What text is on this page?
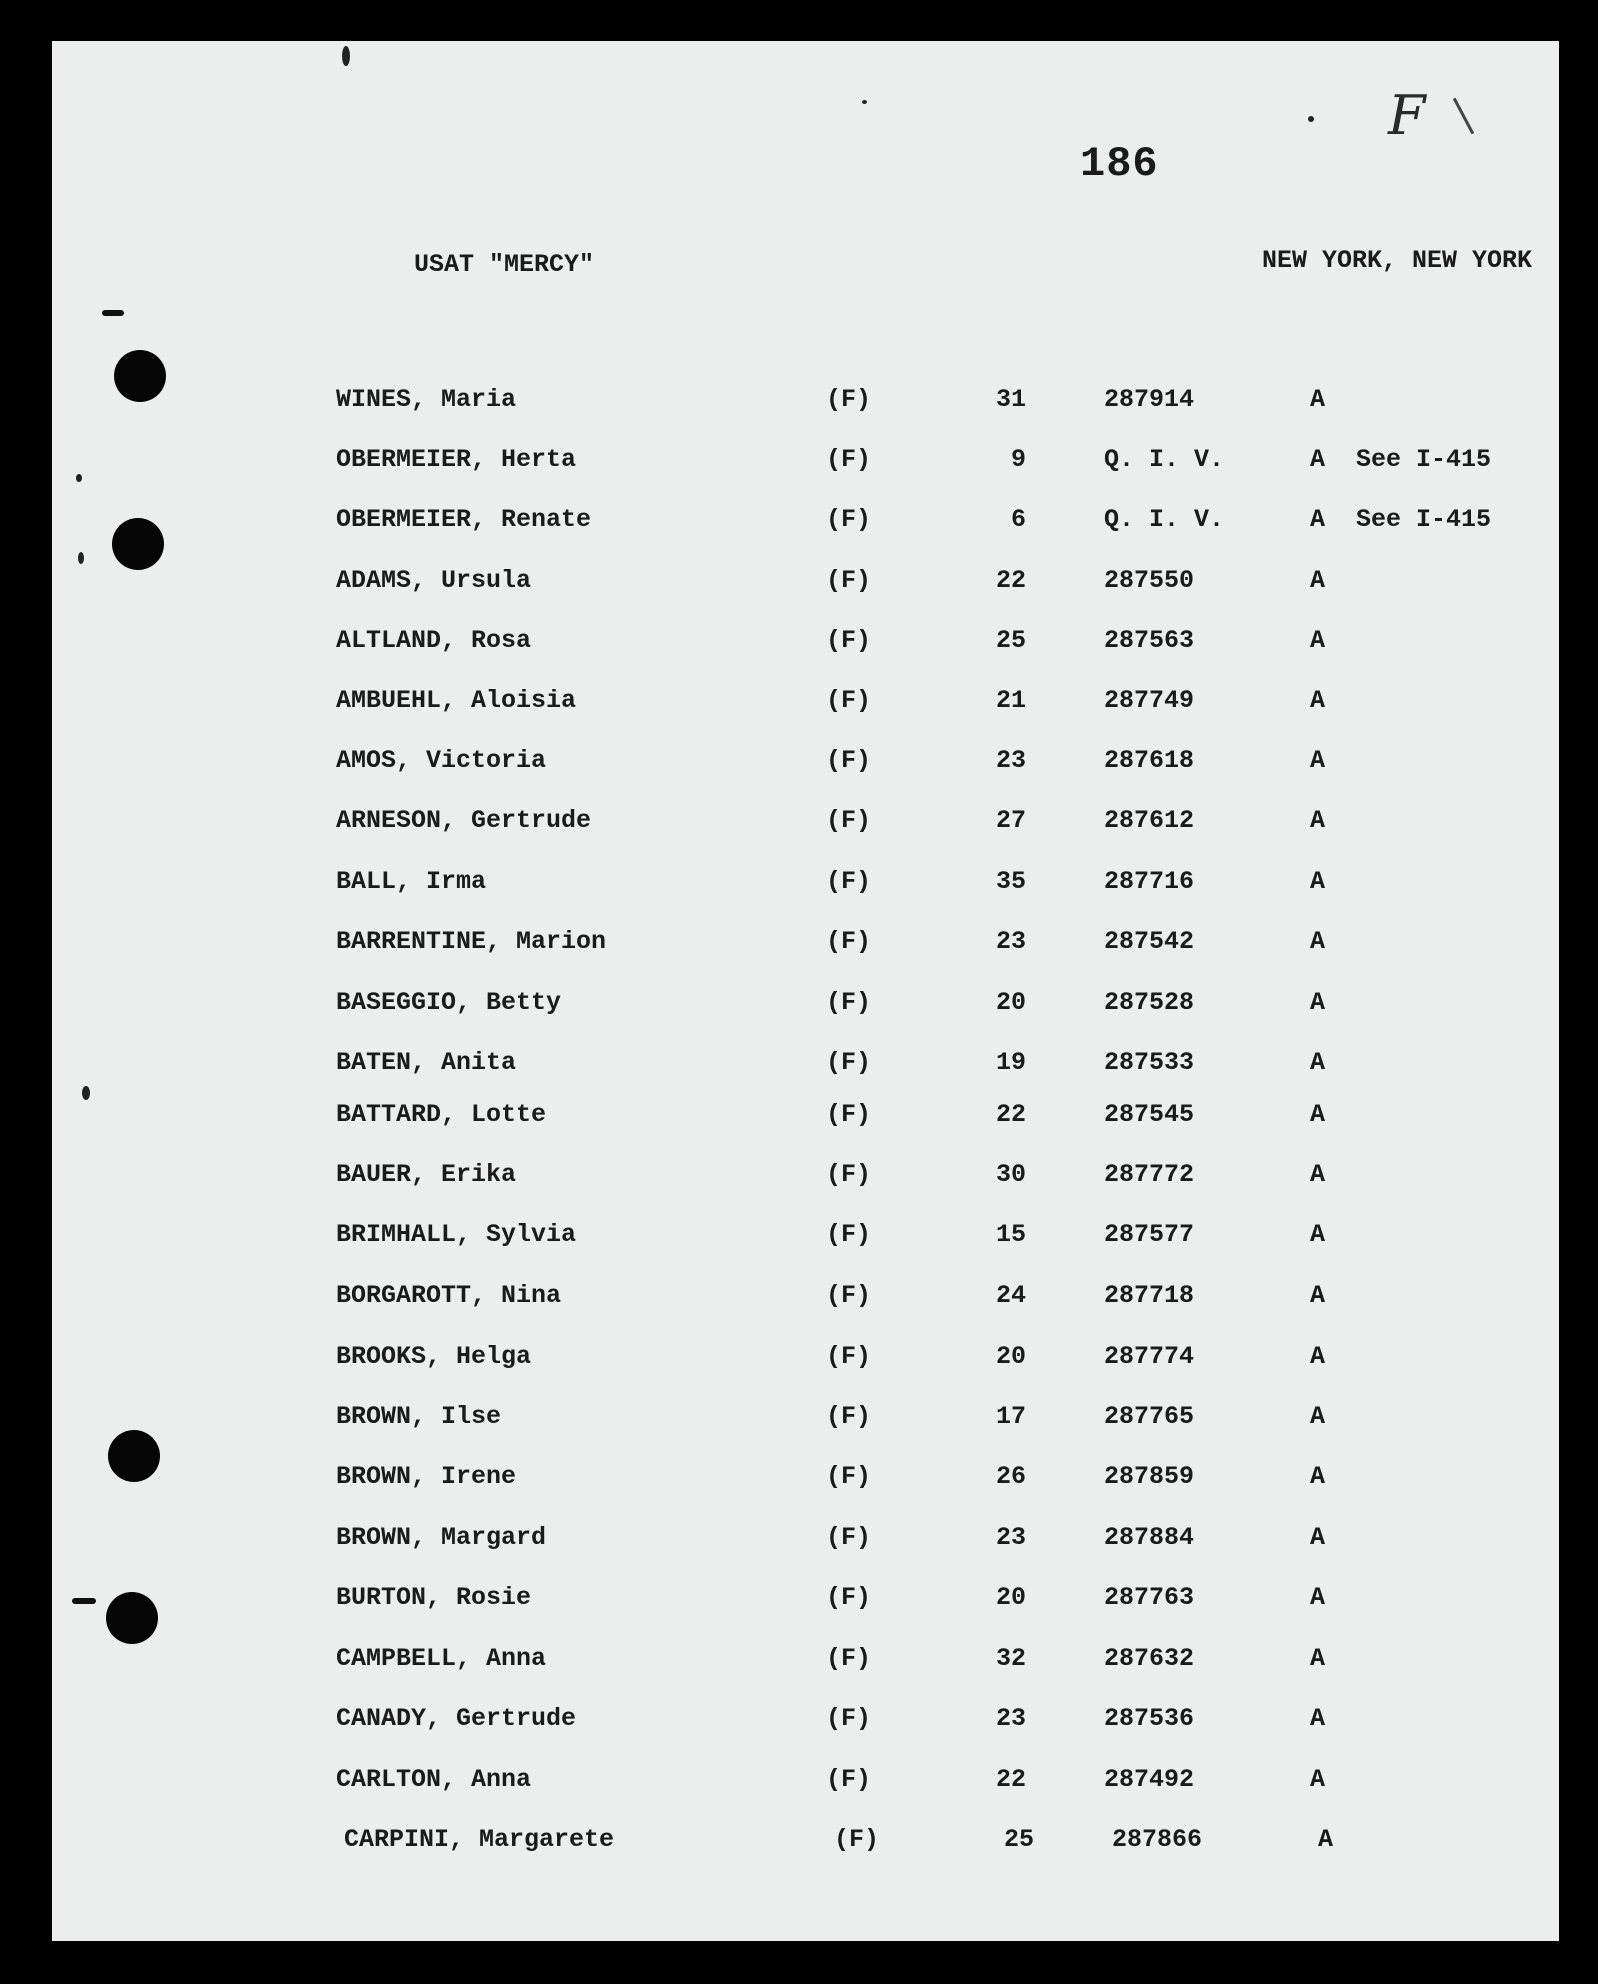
186
F
USAT "MERCY"	NEW YORK, NEW YORK
WINES, Maria	(F)	31	287914	A
OBERMEIER, Herta	(F)	9	Q. I. V.	A See I-415
OBERMEIER, Renate	(F)	6	Q. I. V.	A See I-415
ADAMS, Ursula	(F)	22	287550	A
ALTLAND, Rosa	(F)	25	287563	A
AMBUEHL, Aloisia	(F)	21	287749	A
AMOS, Victoria	(F)	23	287618	A
ARNESON, Gertrude	(F)	27	287612	A
BALL, Irma	(F)	35	287716	A
BARRENTINE, Marion	(F)	23	287542	A
BASEGGIO, Betty	(F)	20	287528	A
BATEN, Anita	(F)	19	287533	A
BATTARD, Lotte	(F)	22	287545	A
BAUER, Erika	(F)	30	287772	A
BRIMHALL, Sylvia	(F)	15	287577	A
BORGAROTT, Nina	(F)	24	287718	A
BROOKS, Helga	(F)	20	287774	A
BROWN, Ilse	(F)	17	287765	A
BROWN, Irene	(F)	26	287859	A
BROWN, Margard	(F)	23	287884	A
BURTON, Rosie	(F)	20	287763	A
CAMPBELL, Anna	(F)	32	287632	A
CANADY, Gertrude	(F)	23	287536	A
CARLTON, Anna	(F)	22	287492	A
CARPINI, Margarete	(F)	25	287866	A
